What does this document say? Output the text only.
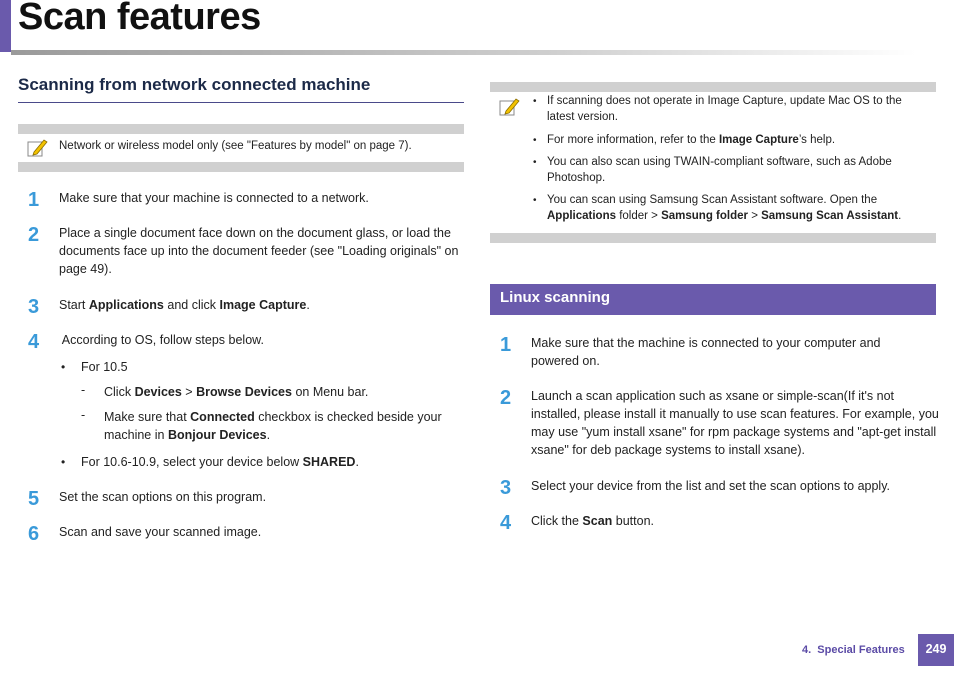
Scan features
Scanning from network connected machine
Network or wireless model only (see "Features by model" on page 7).
1	Make sure that your machine is connected to a network.
2	Place a single document face down on the document glass, or load the
documents face up into the document feeder (see "Loading originals" on
page 49).
3	Start Applications and click Image Capture.
4	According to OS, follow steps below.
• For 10.5
- Click Devices > Browse Devices on Menu bar.
- Make sure that Connected checkbox is checked beside your
machine in Bonjour Devices.
• For 10.6-10.9, select your device below SHARED.
5	Set the scan options on this program.
6	Scan and save your scanned image.
• If scanning does not operate in Image Capture, update Mac OS to the
latest version.
• For more information, refer to the Image Capture’s help.
• You can also scan using TWAIN-compliant software, such as Adobe
Photoshop.
• You can scan using Samsung Scan Assistant software. Open the
Applications folder > Samsung folder > Samsung Scan Assistant.
Linux scanning
1	Make sure that the machine is connected to your computer and
powered on.
2	Launch a scan application such as xsane or simple-scan(If it's not
installed, please install it manually to use scan features. For example, you
may use "yum install xsane" for rpm package systems and "apt-get install
xsane" for deb package systems to install xsane).
3	Select your device from the list and set the scan options to apply.
4	Click the Scan button.
4.  Special Features	249
